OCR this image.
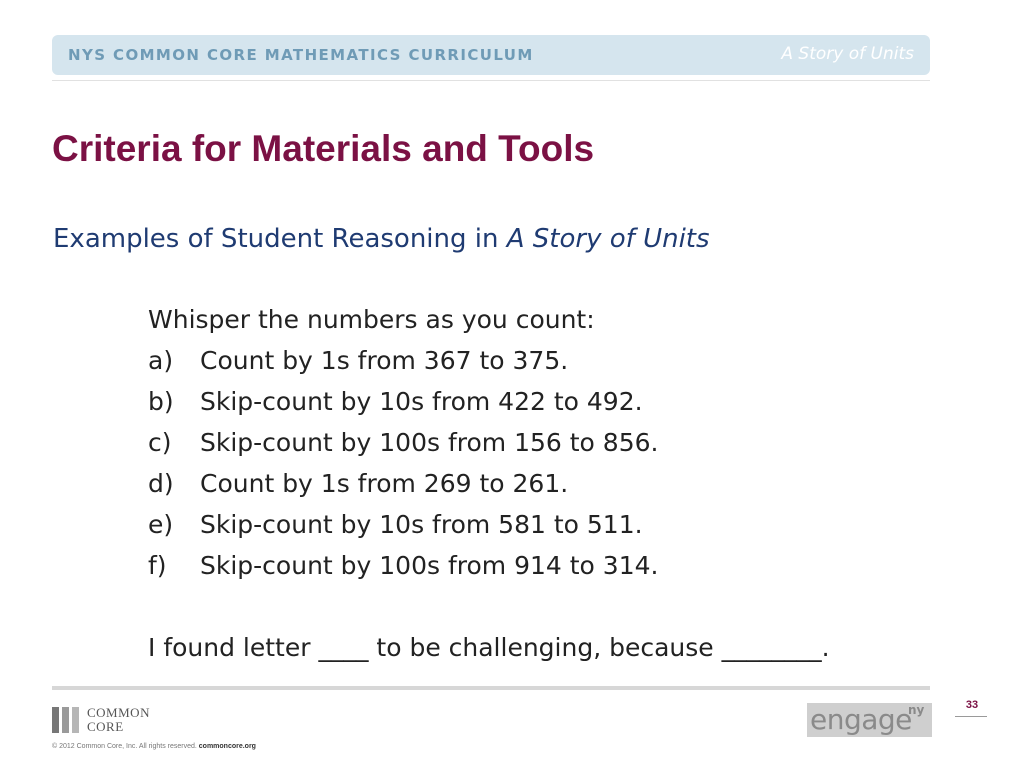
NYS COMMON CORE MATHEMATICS CURRICULUM	A Story of Units
Criteria for Materials and Tools
Examples of Student Reasoning in A Story of Units
Whisper the numbers as you count:
a)	Count by 1s from 367 to 375.
b)	Skip-count by 10s from 422 to 492.
c)	Skip-count by 100s from 156 to 856.
d)	Count by 1s from 269 to 261.
e)	Skip-count by 10s from 581 to 511.
f)	Skip-count by 100s from 914 to 314.
I found letter ____ to be challenging, because ________.
COMMON
CORE
© 2012 Common Core, Inc. All rights reserved. commoncore.org
engage
ny	33
